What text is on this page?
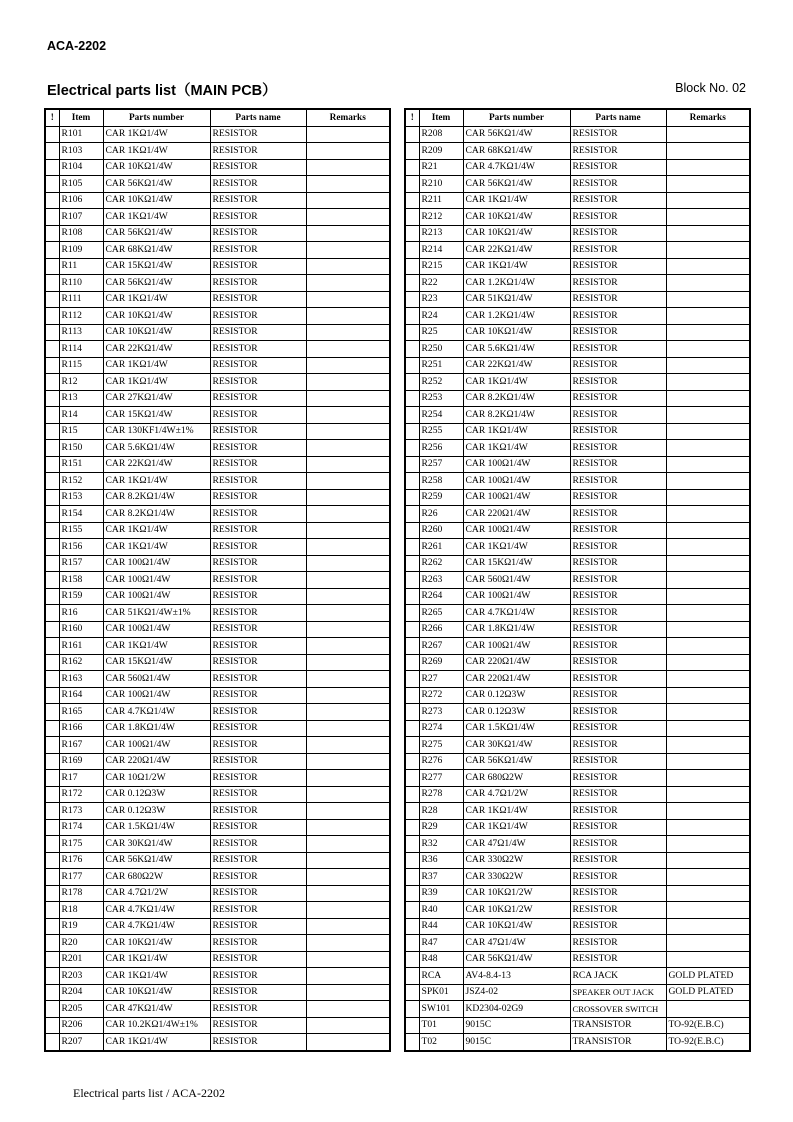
ACA-2202
Electrical parts list（MAIN PCB）	Block No. 02
!	Item	Parts number	Parts name	Remarks
	R101	CAR 1KΩ1/4W	RESISTOR	
	R103	CAR 1KΩ1/4W	RESISTOR	
	R104	CAR 10KΩ1/4W	RESISTOR	
	R105	CAR 56KΩ1/4W	RESISTOR	
	R106	CAR 10KΩ1/4W	RESISTOR	
	R107	CAR 1KΩ1/4W	RESISTOR	
	R108	CAR 56KΩ1/4W	RESISTOR	
	R109	CAR 68KΩ1/4W	RESISTOR	
	R11	CAR 15KΩ1/4W	RESISTOR	
	R110	CAR 56KΩ1/4W	RESISTOR	
	R111	CAR 1KΩ1/4W	RESISTOR	
	R112	CAR 10KΩ1/4W	RESISTOR	
	R113	CAR 10KΩ1/4W	RESISTOR	
	R114	CAR 22KΩ1/4W	RESISTOR	
	R115	CAR 1KΩ1/4W	RESISTOR	
	R12	CAR 1KΩ1/4W	RESISTOR	
	R13	CAR 27KΩ1/4W	RESISTOR	
	R14	CAR 15KΩ1/4W	RESISTOR	
	R15	CAR 130KF1/4W±1%	RESISTOR	
	R150	CAR 5.6KΩ1/4W	RESISTOR	
	R151	CAR 22KΩ1/4W	RESISTOR	
	R152	CAR 1KΩ1/4W	RESISTOR	
	R153	CAR 8.2KΩ1/4W	RESISTOR	
	R154	CAR 8.2KΩ1/4W	RESISTOR	
	R155	CAR 1KΩ1/4W	RESISTOR	
	R156	CAR 1KΩ1/4W	RESISTOR	
	R157	CAR 100Ω1/4W	RESISTOR	
	R158	CAR 100Ω1/4W	RESISTOR	
	R159	CAR 100Ω1/4W	RESISTOR	
	R16	CAR 51KΩ1/4W±1%	RESISTOR	
	R160	CAR 100Ω1/4W	RESISTOR	
	R161	CAR 1KΩ1/4W	RESISTOR	
	R162	CAR 15KΩ1/4W	RESISTOR	
	R163	CAR 560Ω1/4W	RESISTOR	
	R164	CAR 100Ω1/4W	RESISTOR	
	R165	CAR 4.7KΩ1/4W	RESISTOR	
	R166	CAR 1.8KΩ1/4W	RESISTOR	
	R167	CAR 100Ω1/4W	RESISTOR	
	R169	CAR 220Ω1/4W	RESISTOR	
	R17	CAR 10Ω1/2W	RESISTOR	
	R172	CAR 0.12Ω3W	RESISTOR	
	R173	CAR 0.12Ω3W	RESISTOR	
	R174	CAR 1.5KΩ1/4W	RESISTOR	
	R175	CAR 30KΩ1/4W	RESISTOR	
	R176	CAR 56KΩ1/4W	RESISTOR	
	R177	CAR 680Ω2W	RESISTOR	
	R178	CAR 4.7Ω1/2W	RESISTOR	
	R18	CAR 4.7KΩ1/4W	RESISTOR	
	R19	CAR 4.7KΩ1/4W	RESISTOR	
	R20	CAR 10KΩ1/4W	RESISTOR	
	R201	CAR 1KΩ1/4W	RESISTOR	
	R203	CAR 1KΩ1/4W	RESISTOR	
	R204	CAR 10KΩ1/4W	RESISTOR	
	R205	CAR 47KΩ1/4W	RESISTOR	
	R206	CAR 10.2KΩ1/4W±1%	RESISTOR	
	R207	CAR 1KΩ1/4W	RESISTOR	
!	Item	Parts number	Parts name	Remarks
	R208	CAR 56KΩ1/4W	RESISTOR	
	R209	CAR 68KΩ1/4W	RESISTOR	
	R21	CAR 4.7KΩ1/4W	RESISTOR	
	R210	CAR 56KΩ1/4W	RESISTOR	
	R211	CAR 1KΩ1/4W	RESISTOR	
	R212	CAR 10KΩ1/4W	RESISTOR	
	R213	CAR 10KΩ1/4W	RESISTOR	
	R214	CAR 22KΩ1/4W	RESISTOR	
	R215	CAR 1KΩ1/4W	RESISTOR	
	R22	CAR 1.2KΩ1/4W	RESISTOR	
	R23	CAR 51KΩ1/4W	RESISTOR	
	R24	CAR 1.2KΩ1/4W	RESISTOR	
	R25	CAR 10KΩ1/4W	RESISTOR	
	R250	CAR 5.6KΩ1/4W	RESISTOR	
	R251	CAR 22KΩ1/4W	RESISTOR	
	R252	CAR 1KΩ1/4W	RESISTOR	
	R253	CAR 8.2KΩ1/4W	RESISTOR	
	R254	CAR 8.2KΩ1/4W	RESISTOR	
	R255	CAR 1KΩ1/4W	RESISTOR	
	R256	CAR 1KΩ1/4W	RESISTOR	
	R257	CAR 100Ω1/4W	RESISTOR	
	R258	CAR 100Ω1/4W	RESISTOR	
	R259	CAR 100Ω1/4W	RESISTOR	
	R26	CAR 220Ω1/4W	RESISTOR	
	R260	CAR 100Ω1/4W	RESISTOR	
	R261	CAR 1KΩ1/4W	RESISTOR	
	R262	CAR 15KΩ1/4W	RESISTOR	
	R263	CAR 560Ω1/4W	RESISTOR	
	R264	CAR 100Ω1/4W	RESISTOR	
	R265	CAR 4.7KΩ1/4W	RESISTOR	
	R266	CAR 1.8KΩ1/4W	RESISTOR	
	R267	CAR 100Ω1/4W	RESISTOR	
	R269	CAR 220Ω1/4W	RESISTOR	
	R27	CAR 220Ω1/4W	RESISTOR	
	R272	CAR 0.12Ω3W	RESISTOR	
	R273	CAR 0.12Ω3W	RESISTOR	
	R274	CAR 1.5KΩ1/4W	RESISTOR	
	R275	CAR 30KΩ1/4W	RESISTOR	
	R276	CAR 56KΩ1/4W	RESISTOR	
	R277	CAR 680Ω2W	RESISTOR	
	R278	CAR 4.7Ω1/2W	RESISTOR	
	R28	CAR 1KΩ1/4W	RESISTOR	
	R29	CAR 1KΩ1/4W	RESISTOR	
	R32	CAR 47Ω1/4W	RESISTOR	
	R36	CAR 330Ω2W	RESISTOR	
	R37	CAR 330Ω2W	RESISTOR	
	R39	CAR 10KΩ1/2W	RESISTOR	
	R40	CAR 10KΩ1/2W	RESISTOR	
	R44	CAR 10KΩ1/4W	RESISTOR	
	R47	CAR 47Ω1/4W	RESISTOR	
	R48	CAR 56KΩ1/4W	RESISTOR	
	RCA	AV4-8.4-13	RCA JACK	GOLD PLATED
	SPK01	JSZ4-02	SPEAKER OUT JACK	GOLD PLATED
	SW101	KD2304-02G9	CROSSOVER SWITCH	
	T01	9015C	TRANSISTOR	TO-92(E.B.C)
	T02	9015C	TRANSISTOR	TO-92(E.B.C)
Electrical parts list / ACA-2202
